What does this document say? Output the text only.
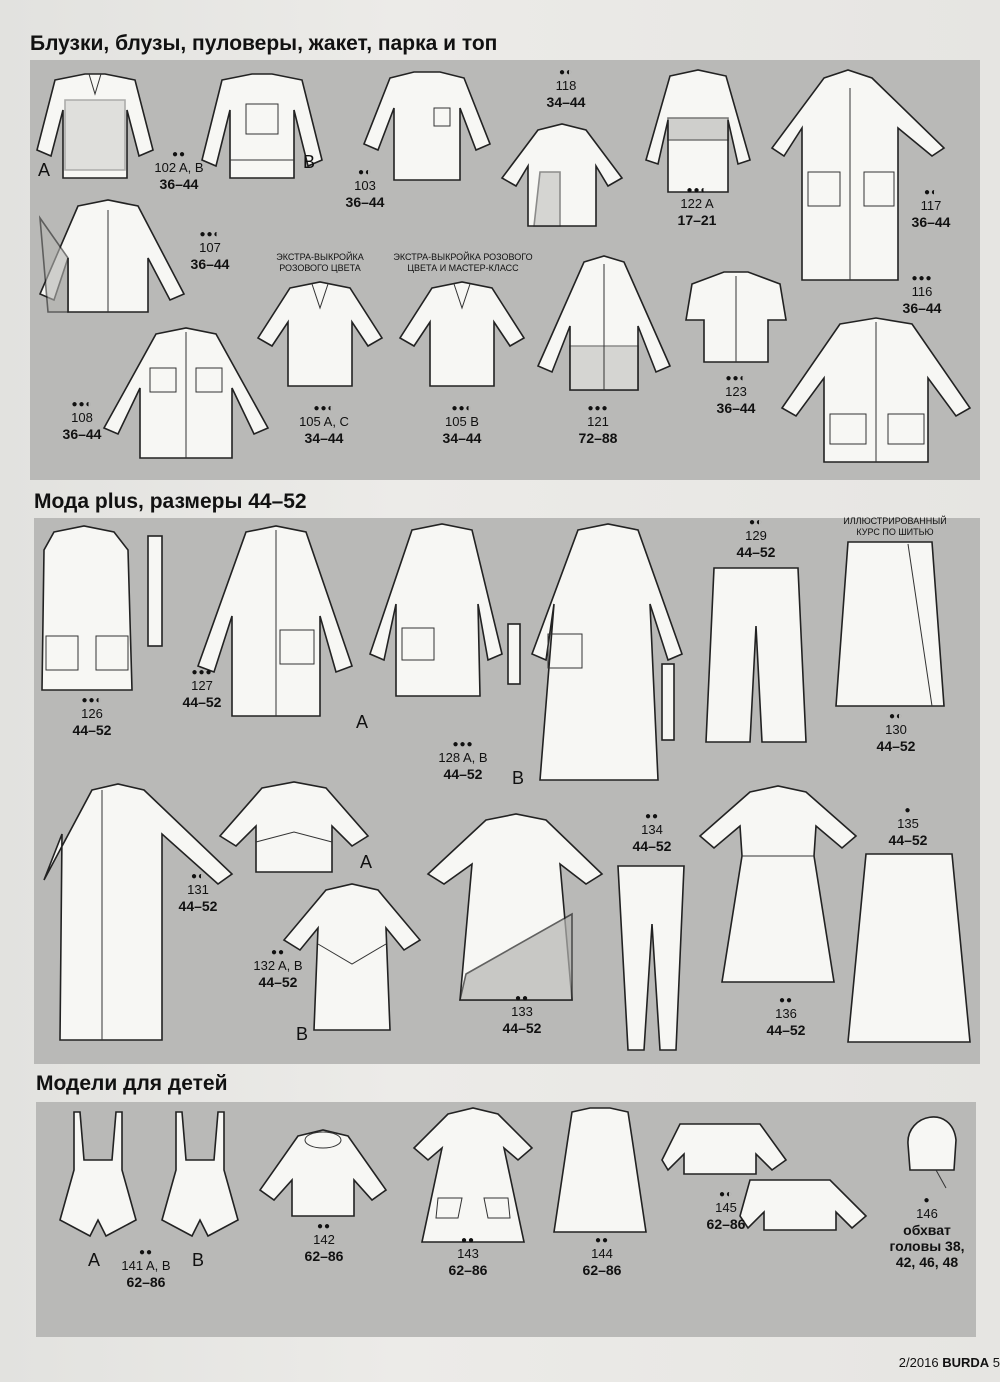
Блузки, блузы, пуловеры, жакет, парка и топ
Мода plus, размеры 44–52
Модели для детей
A	B
●●
102 A, B
36–44
●◐
103
36–44
●◐
118
34–44
●●◐
122 A
17–21
●◐
117
36–44
●●◐
107
36–44	ЭКСТРА-ВЫКРОЙКА РОЗОВОГО ЦВЕТА
ЭКСТРА-ВЫКРОЙКА РОЗОВОГО ЦВЕТА И МАСТЕР-КЛАСС
●●◐
105 A, C
34–44
●●◐
105 B
34–44
●●●
121
72–88
●●◐
123
36–44
●●●
116
36–44
●●◐
108
36–44
●●◐
126
44–52
●●●
127
44–52
A
●●●
128 A, B
44–52	B
●◐
129
44–52
ИЛЛЮСТРИРОВАННЫЙ КУРС ПО ШИТЬЮ
●◐
130
44–52
●◐
131
44–52
A
●●
132 A, B
44–52
B
●●
133
44–52
●●
134
44–52
●●
136
44–52
●
135
44–52
A	B
●●
141 A, B
62–86
●●
142
62–86
●●
143
62–86
●●
144
62–86
●◐
145
62–86
●
146
обхват головы 38, 42, 46, 48
2/2016 BURDA 5
